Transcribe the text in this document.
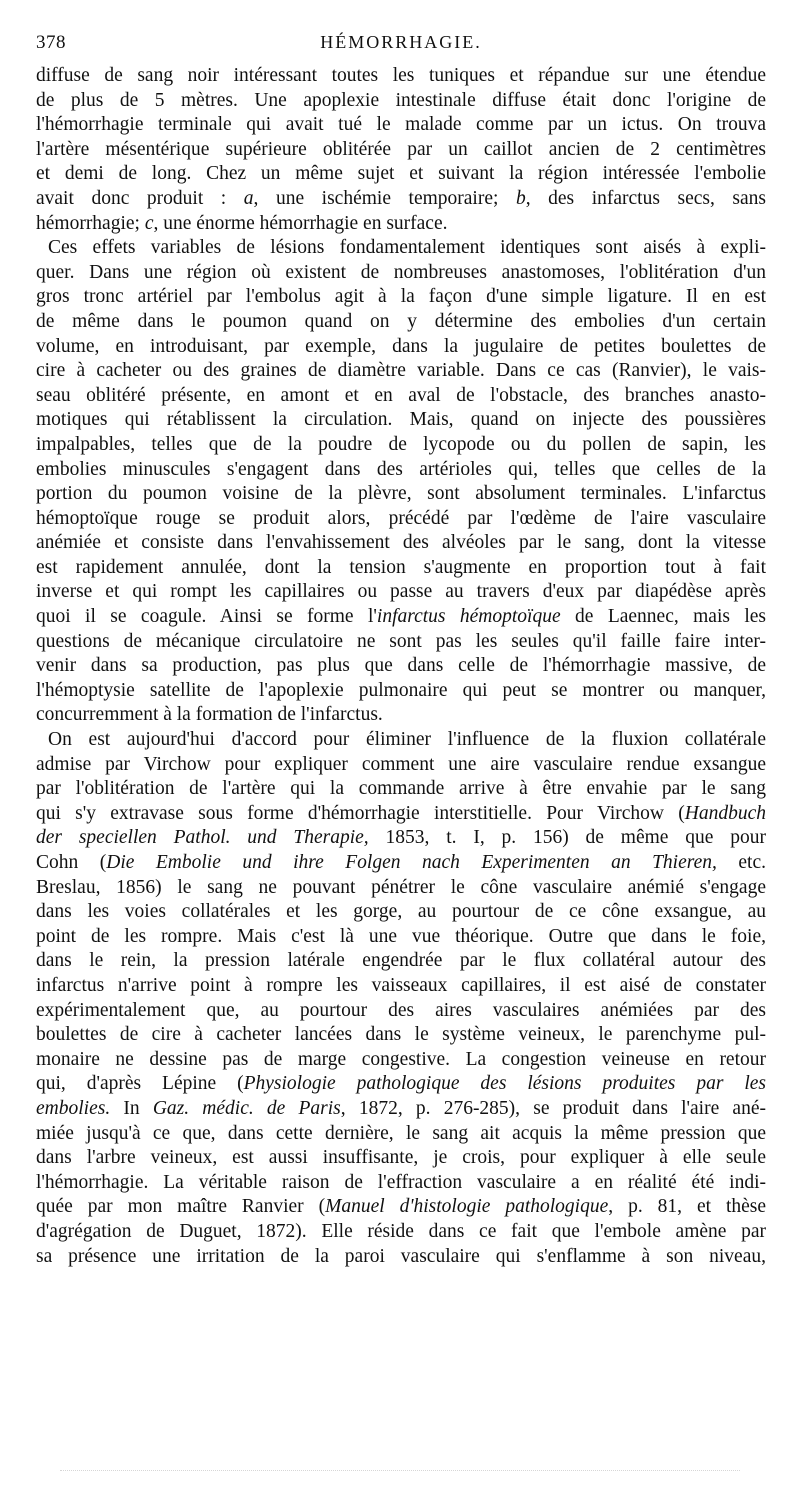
378	HÉMORRHAGIE.
diffuse de sang noir intéressant toutes les tuniques et répandue sur une étendue
de plus de 5 mètres. Une apoplexie intestinale diffuse était donc l'origine de
l'hémorrhagie terminale qui avait tué le malade comme par un ictus. On trouva
l'artère mésentérique supérieure oblitérée par un caillot ancien de 2 centimètres
et demi de long. Chez un même sujet et suivant la région intéressée l'embolie
avait donc produit : a, une ischémie temporaire; b, des infarctus secs, sans
hémorrhagie; c, une énorme hémorrhagie en surface.
Ces effets variables de lésions fondamentalement identiques sont aisés à expli-
quer. Dans une région où existent de nombreuses anastomoses, l'oblitération d'un
gros tronc artériel par l'embolus agit à la façon d'une simple ligature. Il en est
de même dans le poumon quand on y détermine des embolies d'un certain
volume, en introduisant, par exemple, dans la jugulaire de petites boulettes de
cire à cacheter ou des graines de diamètre variable. Dans ce cas (Ranvier), le vais-
seau oblitéré présente, en amont et en aval de l'obstacle, des branches anasto-
motiques qui rétablissent la circulation. Mais, quand on injecte des poussières
impalpables, telles que de la poudre de lycopode ou du pollen de sapin, les
embolies minuscules s'engagent dans des artérioles qui, telles que celles de la
portion du poumon voisine de la plèvre, sont absolument terminales. L'infarctus
hémoptoïque rouge se produit alors, précédé par l'œdème de l'aire vasculaire
anémiée et consiste dans l'envahissement des alvéoles par le sang, dont la vitesse
est rapidement annulée, dont la tension s'augmente en proportion tout à fait
inverse et qui rompt les capillaires ou passe au travers d'eux par diapédèse après
quoi il se coagule. Ainsi se forme l'infarctus hémoptoïque de Laennec, mais les
questions de mécanique circulatoire ne sont pas les seules qu'il faille faire inter-
venir dans sa production, pas plus que dans celle de l'hémorrhagie massive, de
l'hémoptysie satellite de l'apoplexie pulmonaire qui peut se montrer ou manquer,
concurremment à la formation de l'infarctus.
On est aujourd'hui d'accord pour éliminer l'influence de la fluxion collatérale
admise par Virchow pour expliquer comment une aire vasculaire rendue exsangue
par l'oblitération de l'artère qui la commande arrive à être envahie par le sang
qui s'y extravase sous forme d'hémorrhagie interstitielle. Pour Virchow (Handbuch
der speciellen Pathol. und Therapie, 1853, t. I, p. 156) de même que pour
Cohn (Die Embolie und ihre Folgen nach Experimenten an Thieren, etc.
Breslau, 1856) le sang ne pouvant pénétrer le cône vasculaire anémié s'engage
dans les voies collatérales et les gorge, au pourtour de ce cône exsangue, au
point de les rompre. Mais c'est là une vue théorique. Outre que dans le foie,
dans le rein, la pression latérale engendrée par le flux collatéral autour des
infarctus n'arrive point à rompre les vaisseaux capillaires, il est aisé de constater
expérimentalement que, au pourtour des aires vasculaires anémiées par des
boulettes de cire à cacheter lancées dans le système veineux, le parenchyme pul-
monaire ne dessine pas de marge congestive. La congestion veineuse en retour
qui, d'après Lépine (Physiologie pathologique des lésions produites par les
embolies. In Gaz. médic. de Paris, 1872, p. 276-285), se produit dans l'aire ané-
miée jusqu'à ce que, dans cette dernière, le sang ait acquis la même pression que
dans l'arbre veineux, est aussi insuffisante, je crois, pour expliquer à elle seule
l'hémorrhagie. La véritable raison de l'effraction vasculaire a en réalité été indi-
quée par mon maître Ranvier (Manuel d'histologie pathologique, p. 81, et thèse
d'agrégation de Duguet, 1872). Elle réside dans ce fait que l'embole amène par
sa présence une irritation de la paroi vasculaire qui s'enflamme à son niveau,
